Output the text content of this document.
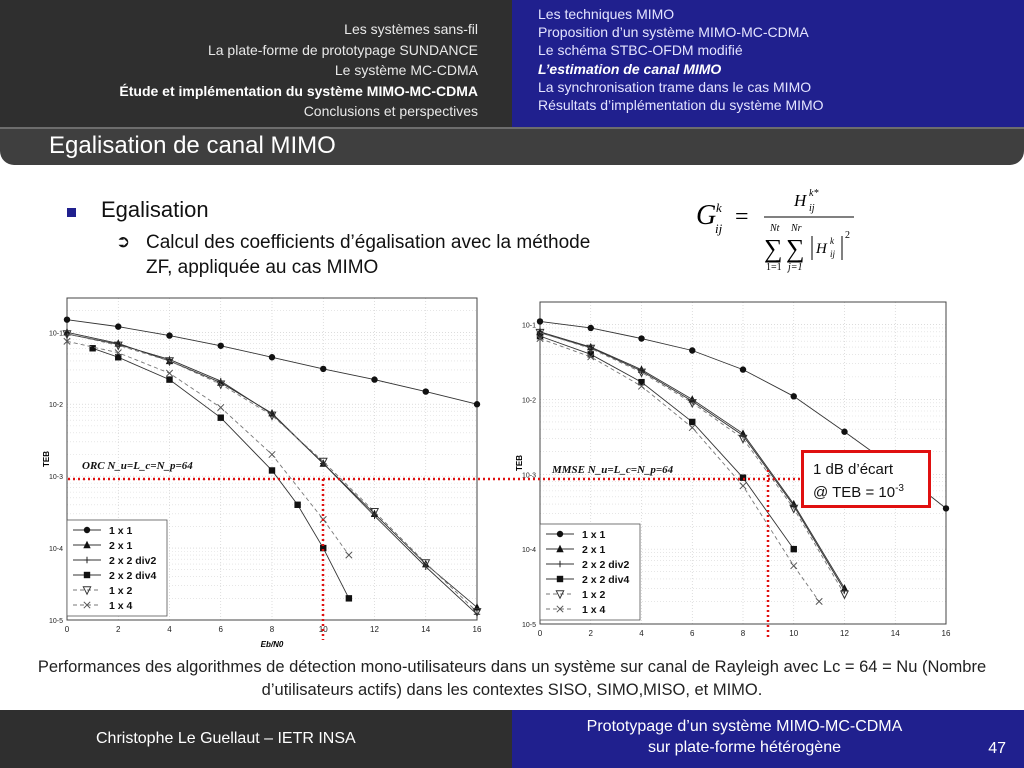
Les systèmes sans-fil
La plate-forme de prototypage SUNDANCE
Le système MC-CDMA
Étude et implémentation du système MIMO-MC-CDMA
Conclusions et perspectives
Les techniques MIMO
Proposition d’un système MIMO-MC-CDMA
Le schéma STBC-OFDM modifié
L’estimation de canal MIMO
La synchronisation trame dans le cas MIMO
Résultats d’implémentation du système MIMO
Egalisation de canal MIMO
Egalisation
➲ Calcul des coefficients d’égalisation avec la méthode ZF, appliquée au cas MIMO
G k
ij =
H k*
ij
Nt
∑
1=1
Nr
∑
j=1
H k
ij
2
0	2	4	6	8	10	12	14	16
10-5
10-4
10-3
10-2
10-1
TEB
Eb/N0
ORC N_u=L_c=N_p=64
1 x 1
2 x 1
2 x 2 div2
2 x 2 div4
1 x 2
1 x 4
0	2	4	6	8	10	12	14	16
10-5
10-4
10-3
10-2
10-1
TEB	MMSE N_u=L_c=N_p=64
1 x 1
2 x 1
2 x 2 div2
2 x 2 div4
1 x 2
1 x 4
1 dB d’écart
@ TEB = $10^{-3}$
Performances des algorithmes de détection mono-utilisateurs dans un système sur canal de Rayleigh avec Lc = 64 = Nu (Nombre d’utilisateurs actifs) dans les contextes SISO, SIMO,MISO, et MIMO.
Christophe Le Guellaut – IETR INSA
Prototypage d’un système MIMO-MC-CDMA
sur plate-forme hétérogène	47
